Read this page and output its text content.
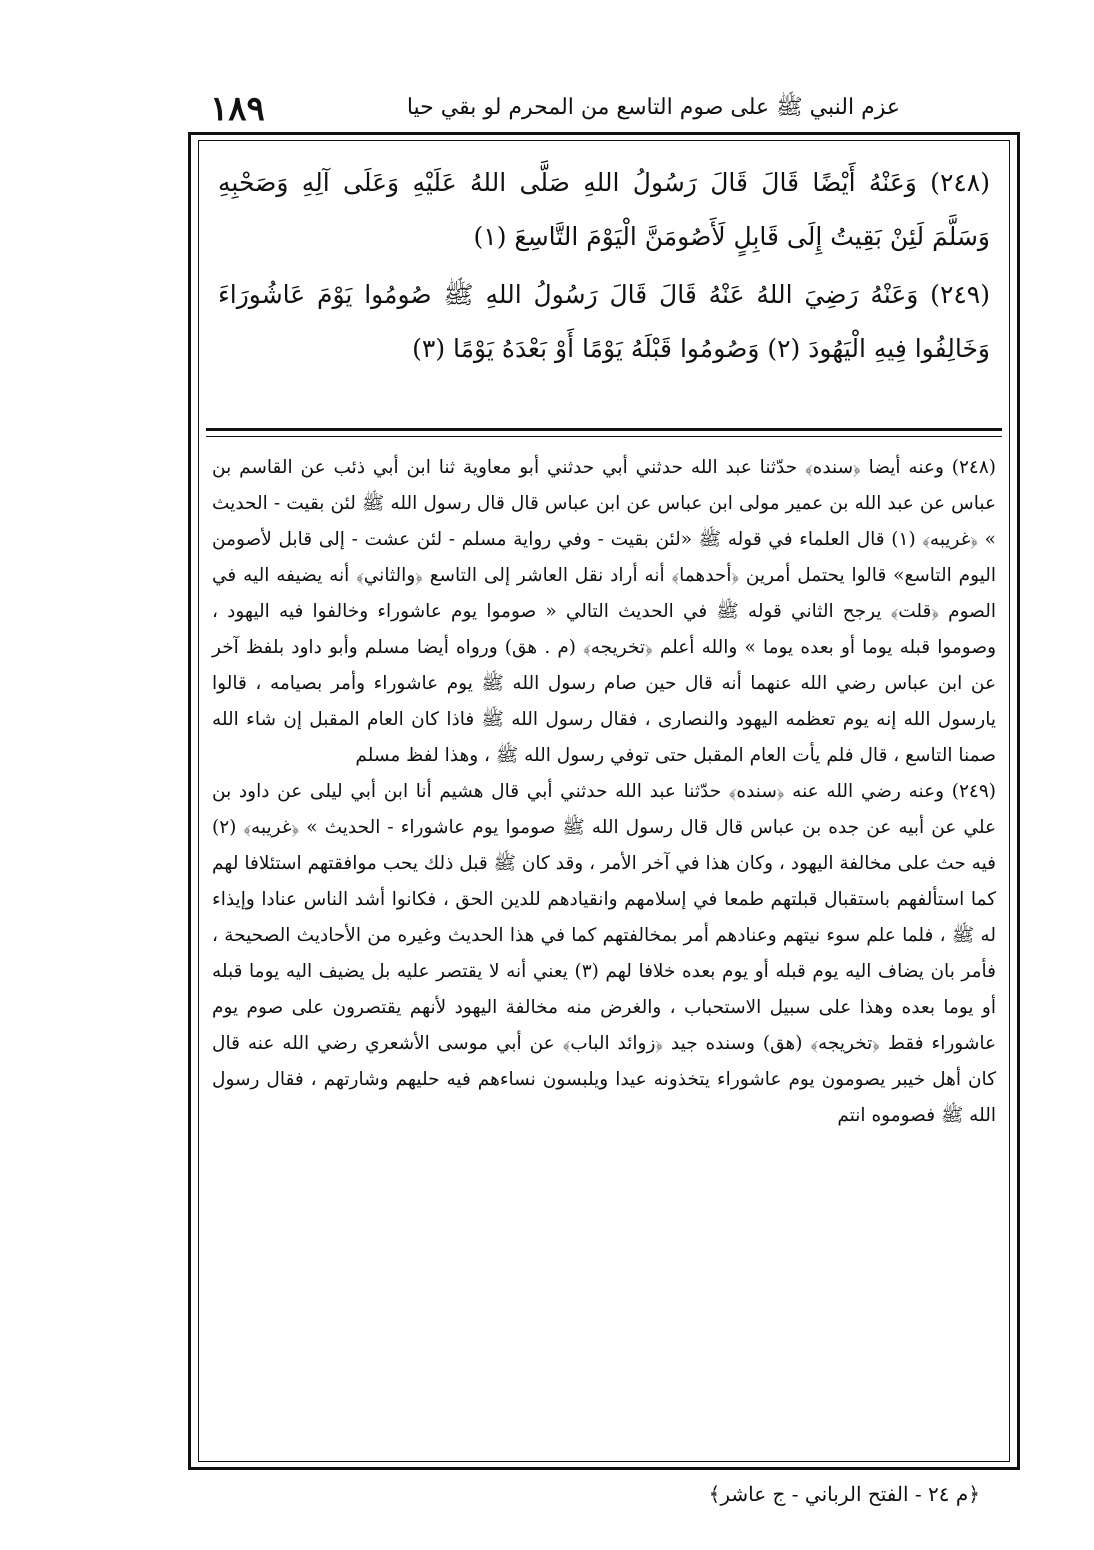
١٨٩	عزم النبي ﷺ على صوم التاسع من المحرم لو بقي حيا

(٢٤٨) وَعَنْهُ أَيْضًا قَالَ قَالَ رَسُولُ اللهِ صَلَّى اللهُ عَلَيْهِ وَعَلَى آلِهِ وَصَحْبِهِ وَسَلَّمَ لَئِنْ بَقِيتُ إِلَى قَابِلٍ لَأَصُومَنَّ الْيَوْمَ التَّاسِعَ (١)

(٢٤٩) وَعَنْهُ رَضِيَ اللهُ عَنْهُ قَالَ قَالَ رَسُولُ اللهِ ﷺ صُومُوا يَوْمَ عَاشُورَاءَ وَخَالِفُوا فِيهِ الْيَهُودَ (٢) وَصُومُوا قَبْلَهُ يَوْمًا أَوْ بَعْدَهُ يَوْمًا (٣)

(٢٤٨) وعنه أيضا ﴿سنده﴾ حدّثنا عبد الله حدثني أبي حدثني أبو معاوية ثنا ابن أبي ذئب عن القاسم بن عباس عن عبد الله بن عمير مولى ابن عباس عن ابن عباس قال قال رسول الله ﷺ لئن بقيت - الحديث » ﴿غريبه﴾ (١) قال العلماء في قوله ﷺ «لئن بقيت - وفي رواية مسلم - لئن عشت - إلى قابل لأصومن اليوم التاسع» قالوا يحتمل أمرين ﴿أحدهما﴾ أنه أراد نقل العاشر إلى التاسع ﴿والثاني﴾ أنه يضيفه اليه في الصوم ﴿قلت﴾ يرجح الثاني قوله ﷺ في الحديث التالي « صوموا يوم عاشوراء وخالفوا فيه اليهود ، وصوموا قبله يوما أو بعده يوما » والله أعلم ﴿تخريجه﴾ (م . هق) ورواه أيضا مسلم وأبو داود بلفظ آخر عن ابن عباس رضي الله عنهما أنه قال حين صام رسول الله ﷺ يوم عاشوراء وأمر بصيامه ، قالوا يارسول الله إنه يوم تعظمه اليهود والنصارى ، فقال رسول الله ﷺ فاذا كان العام المقبل إن شاء الله صمنا التاسع ، قال فلم يأت العام المقبل حتى توفي رسول الله ﷺ ، وهذا لفظ مسلم

(٢٤٩) وعنه رضي الله عنه ﴿سنده﴾ حدّثنا عبد الله حدثني أبي قال هشيم أنا ابن أبي ليلى عن داود بن علي عن أبيه عن جده بن عباس قال قال رسول الله ﷺ صوموا يوم عاشوراء - الحديث » ﴿غريبه﴾ (٢) فيه حث على مخالفة اليهود ، وكان هذا في آخر الأمر ، وقد كان ﷺ قبل ذلك يحب موافقتهم استئلافا لهم كما استألفهم باستقبال قبلتهم طمعا في إسلامهم وانقيادهم للدين الحق ، فكانوا أشد الناس عنادا وإيذاء له ﷺ ، فلما علم سوء نيتهم وعنادهم أمر بمخالفتهم كما في هذا الحديث وغيره من الأحاديث الصحيحة ، فأمر بان يضاف اليه يوم قبله أو يوم بعده خلافا لهم (٣) يعني أنه لا يقتصر عليه بل يضيف اليه يوما قبله أو يوما بعده وهذا على سبيل الاستحباب ، والغرض منه مخالفة اليهود لأنهم يقتصرون على صوم يوم عاشوراء فقط ﴿تخريجه﴾ (هق) وسنده جيد ﴿زوائد الباب﴾ عن أبي موسى الأشعري رضي الله عنه قال كان أهل خيبر يصومون يوم عاشوراء يتخذونه عيدا ويلبسون نساءهم فيه حليهم وشارتهم ، فقال رسول الله ﷺ فصوموه انتم

﴿م ٢٤ - الفتح الرباني - ج عاشر﴾
